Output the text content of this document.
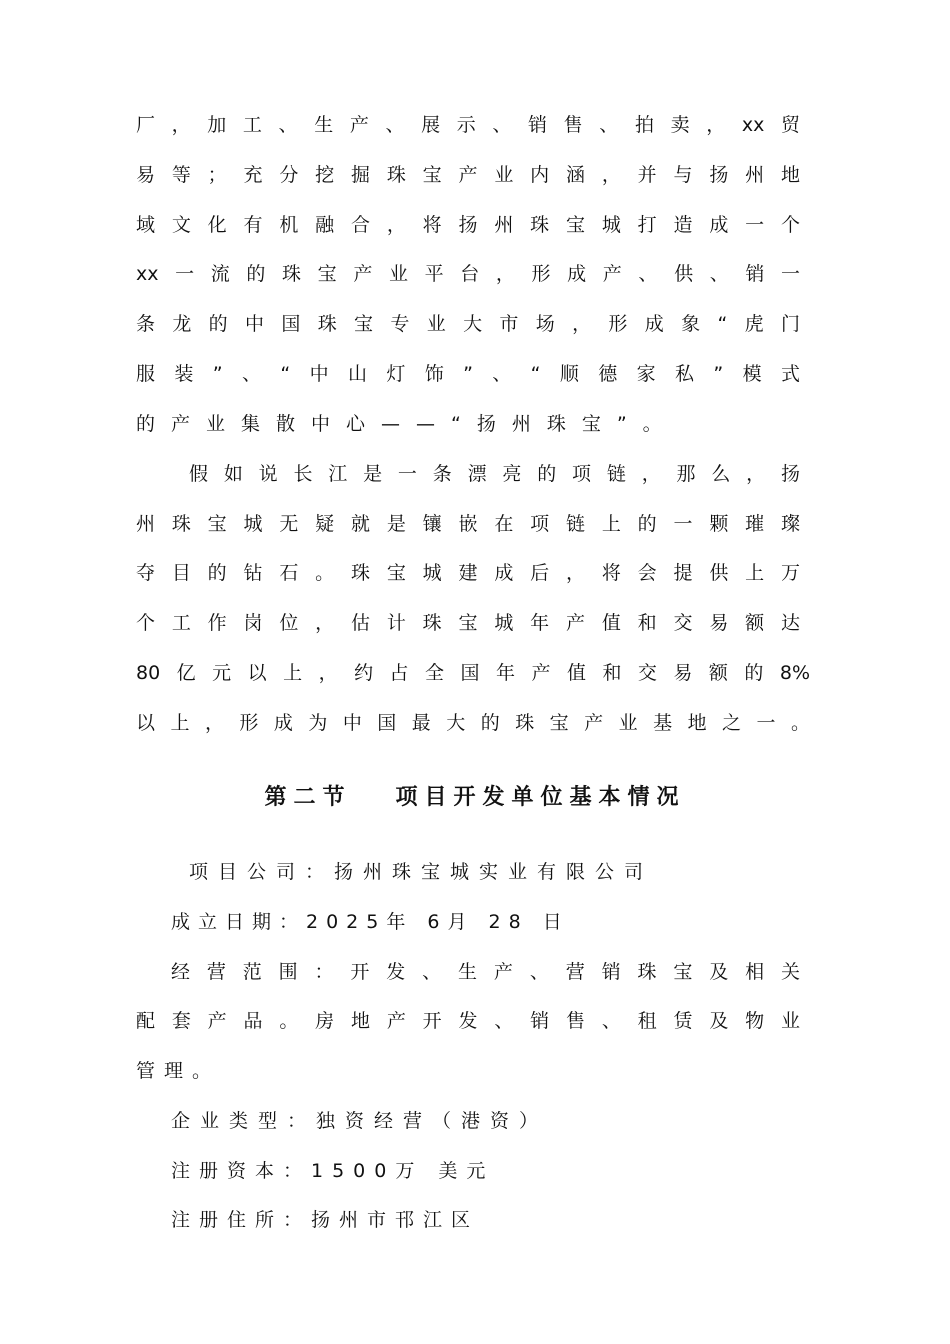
厂，加工、生产、展示、销售、拍卖，xx贸
易等；充分挖掘珠宝产业内涵，并与扬州地
域文化有机融合，将扬州珠宝城打造成一个
xx一流的珠宝产业平台，形成产、供、销一
条龙的中国珠宝专业大市场，形成象“虎门
服装”、“中山灯饰”、“顺德家私”模式
的产业集散中心——“扬州珠宝”。
假如说长江是一条漂亮的项链，那么，扬
州珠宝城无疑就是镶嵌在项链上的一颗璀璨
夺目的钻石。珠宝城建成后，将会提供上万
个工作岗位，估计珠宝城年产值和交易额达
80亿元以上，约占全国年产值和交易额的8%
以上，形成为中国最大的珠宝产业基地之一。
第二节   项目开发单位基本情况
项目公司：扬州珠宝城实业有限公司
成立日期：2025年 6月 28 日
经营范围：开发、生产、营销珠宝及相关
配套产品。房地产开发、销售、租赁及物业
管理。
企业类型：独资经营（港资）
注册资本：1500万 美元
注册住所：扬州市邗江区
